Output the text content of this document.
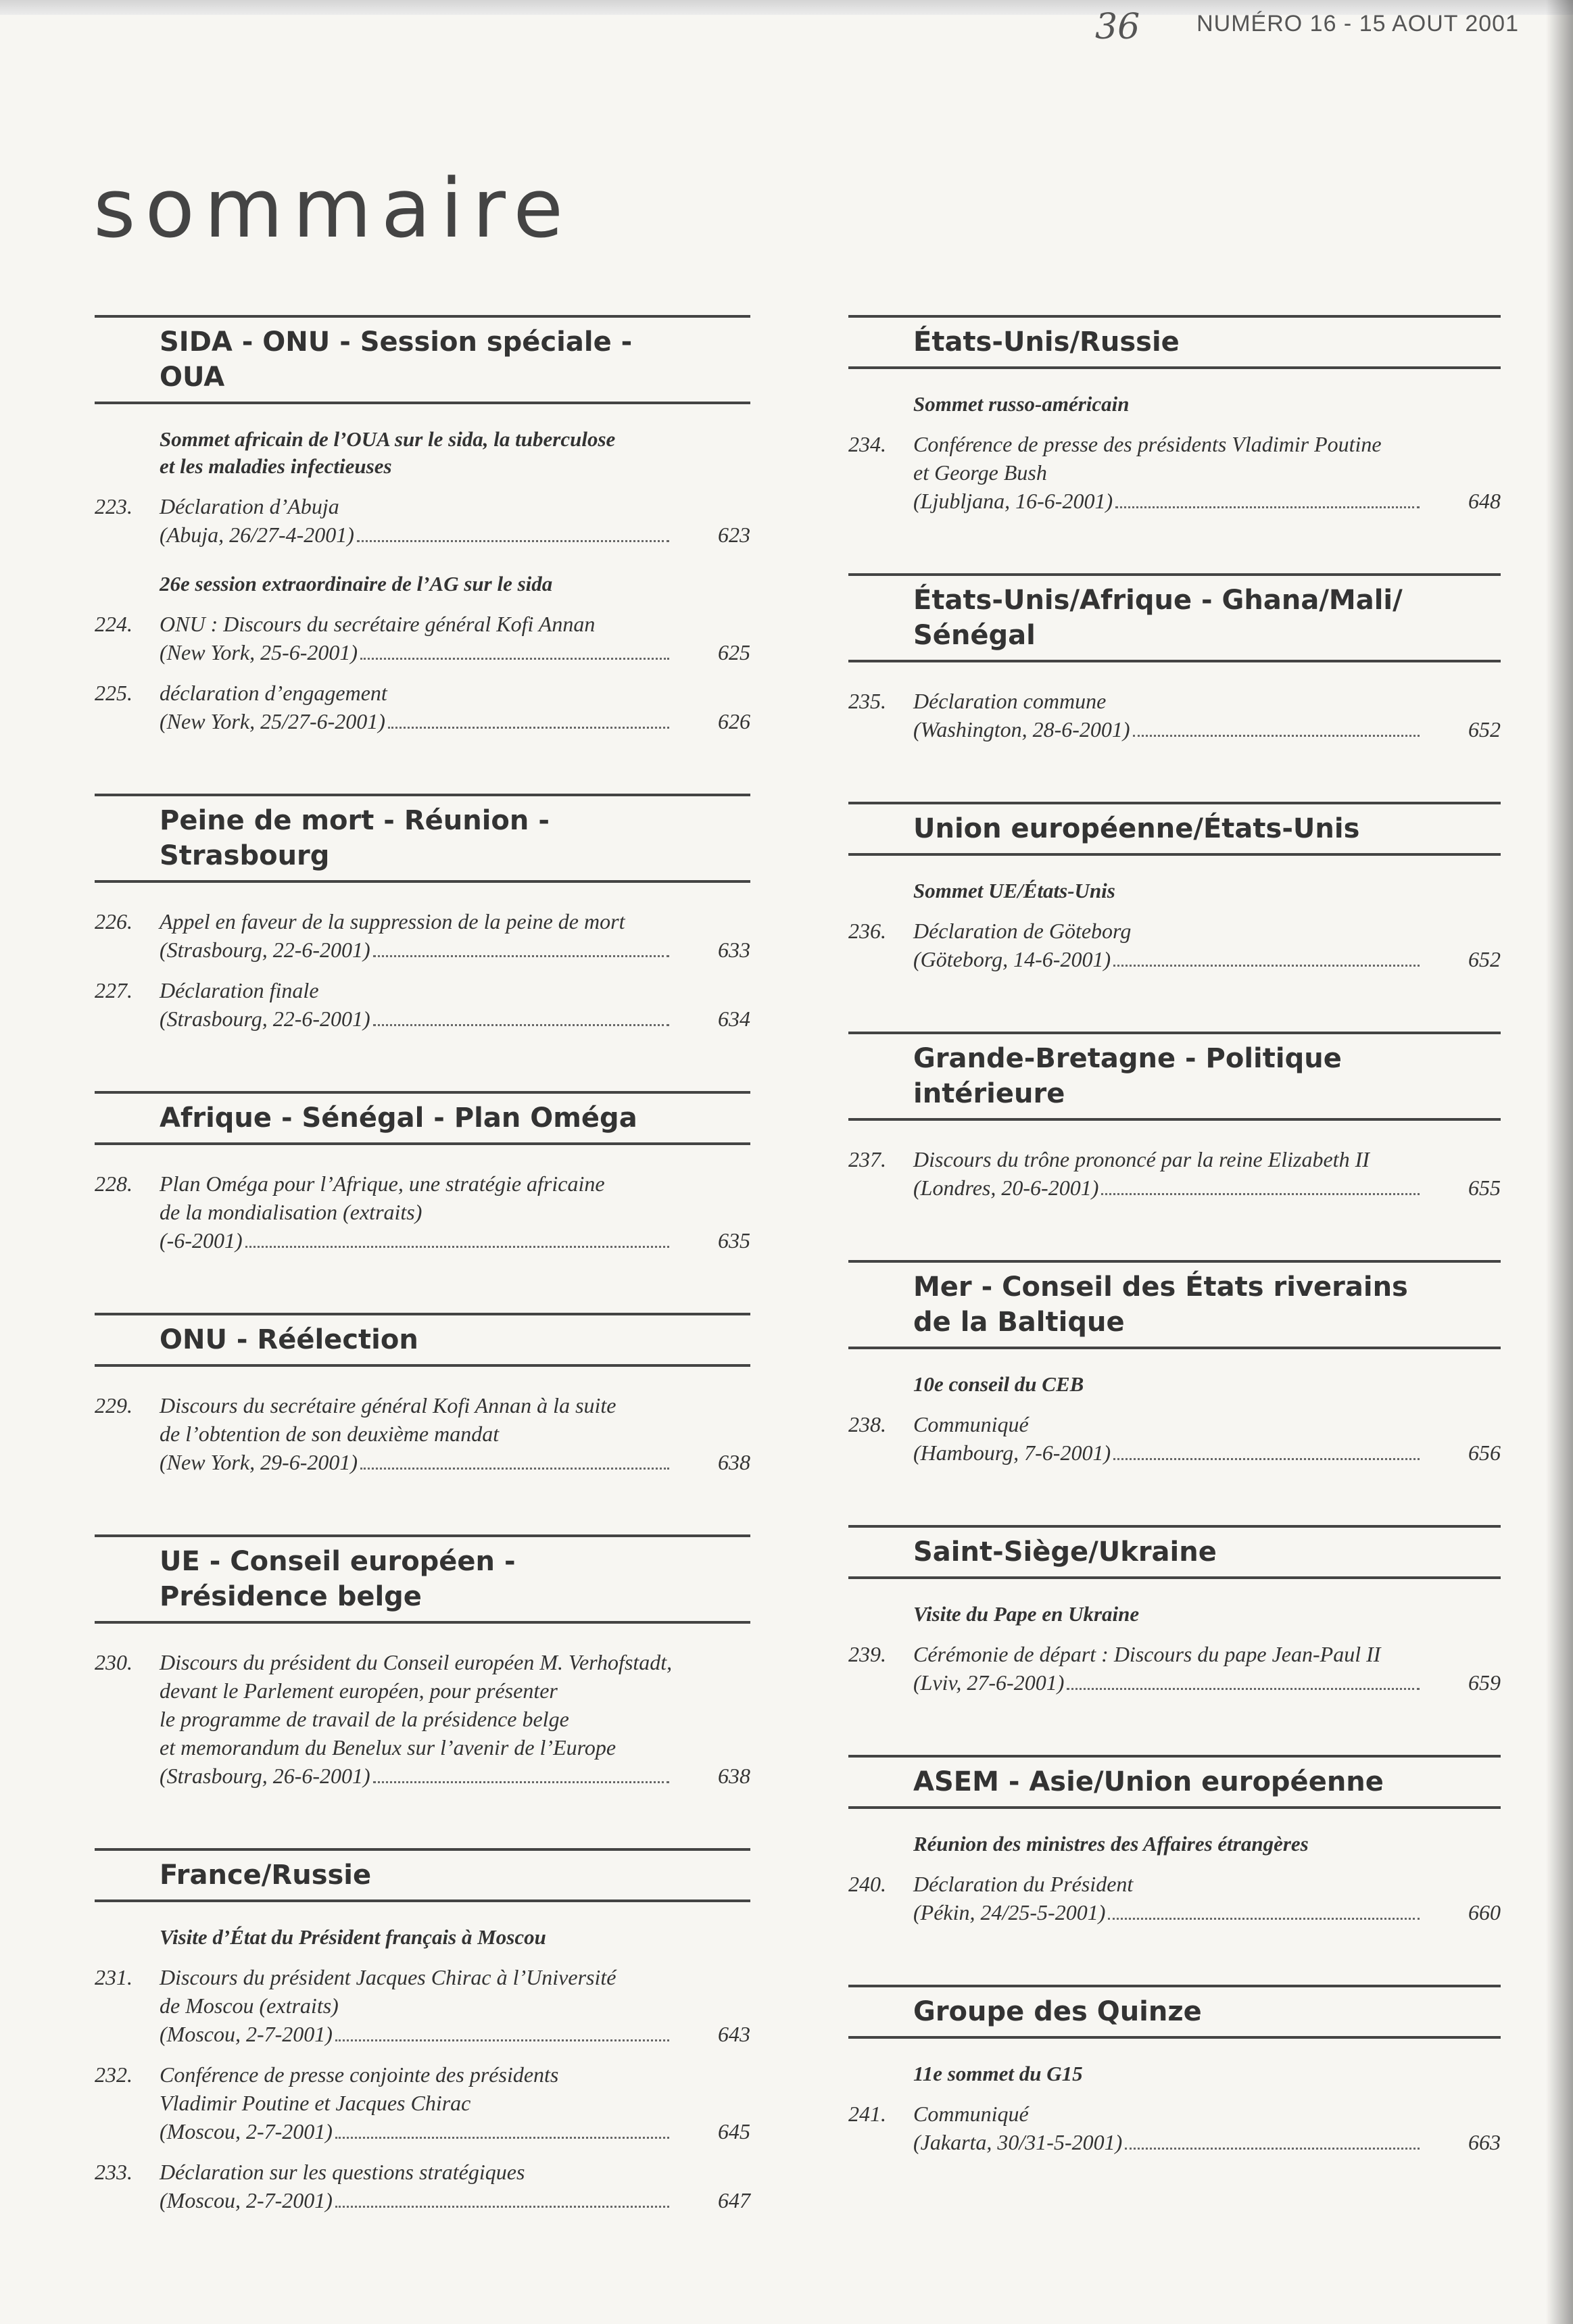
36 NUMÉRO 16 - 15 AOUT 2001
sommaire
SIDA - ONU - Session spéciale -
OUA
Sommet africain de l’OUA sur le sida, la tuberculose
et les maladies infectieuses
223.	Déclaration d’Abuja
(Abuja, 26/27-4-2001)	623
26e session extraordinaire de l’AG sur le sida
224.	ONU : Discours du secrétaire général Kofi Annan
(New York, 25-6-2001)	625
225.	déclaration d’engagement
(New York, 25/27-6-2001)	626
Peine de mort - Réunion -
Strasbourg
226.	Appel en faveur de la suppression de la peine de mort
(Strasbourg, 22-6-2001)	633
227.	Déclaration finale
(Strasbourg, 22-6-2001)	634
Afrique - Sénégal - Plan Oméga
228.	Plan Oméga pour l’Afrique, une stratégie africaine
de la mondialisation (extraits)
(-6-2001)	635
ONU - Réélection
229.	Discours du secrétaire général Kofi Annan à la suite
de l’obtention de son deuxième mandat
(New York, 29-6-2001)	638
UE - Conseil européen -
Présidence belge
230.	Discours du président du Conseil européen M. Verhofstadt,
devant le Parlement européen, pour présenter
le programme de travail de la présidence belge
et memorandum du Benelux sur l’avenir de l’Europe
(Strasbourg, 26-6-2001)	638
France/Russie
Visite d’État du Président français à Moscou
231.	Discours du président Jacques Chirac à l’Université
de Moscou (extraits)
(Moscou, 2-7-2001)	643
232.	Conférence de presse conjointe des présidents
Vladimir Poutine et Jacques Chirac
(Moscou, 2-7-2001)	645
233.	Déclaration sur les questions stratégiques
(Moscou, 2-7-2001)	647
États-Unis/Russie
Sommet russo-américain
234.	Conférence de presse des présidents Vladimir Poutine
et George Bush
(Ljubljana, 16-6-2001)	648
États-Unis/Afrique - Ghana/Mali/
Sénégal
235.	Déclaration commune
(Washington, 28-6-2001)	652
Union européenne/États-Unis
Sommet UE/États-Unis
236.	Déclaration de Göteborg
(Göteborg, 14-6-2001)	652
Grande-Bretagne - Politique
intérieure
237.	Discours du trône prononcé par la reine Elizabeth II
(Londres, 20-6-2001)	655
Mer - Conseil des États riverains
de la Baltique
10e conseil du CEB
238.	Communiqué
(Hambourg, 7-6-2001)	656
Saint-Siège/Ukraine
Visite du Pape en Ukraine
239.	Cérémonie de départ : Discours du pape Jean-Paul II
(Lviv, 27-6-2001)	659
ASEM - Asie/Union européenne
Réunion des ministres des Affaires étrangères
240.	Déclaration du Président
(Pékin, 24/25-5-2001)	660
Groupe des Quinze
11e sommet du G15
241.	Communiqué
(Jakarta, 30/31-5-2001)	663
